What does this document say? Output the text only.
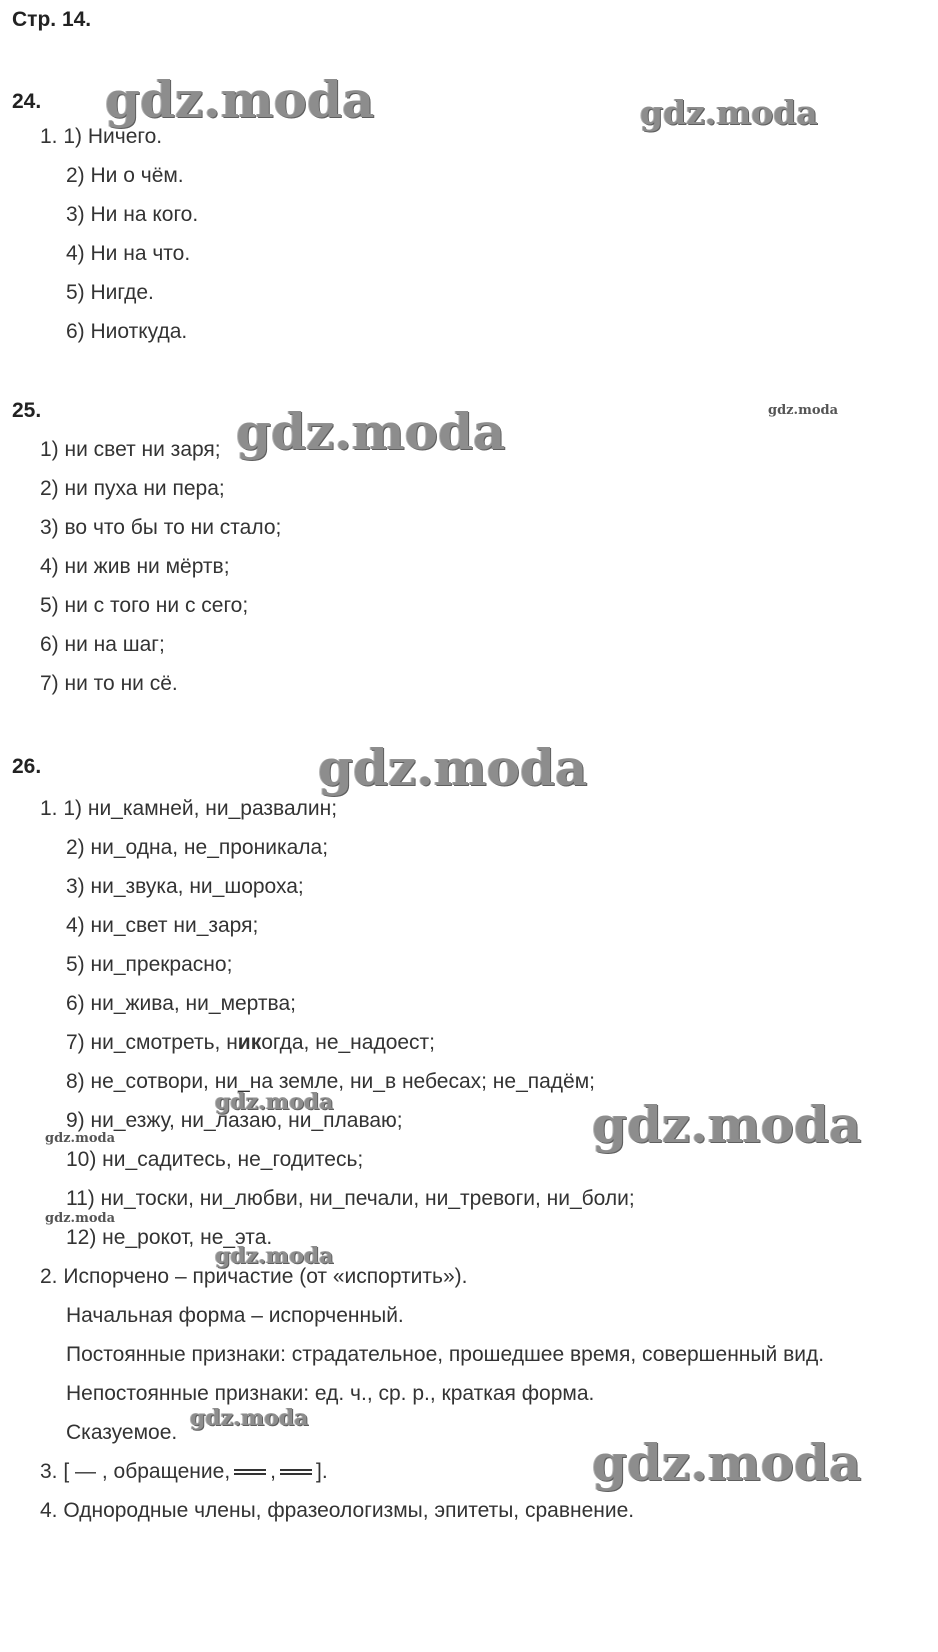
Стр. 14.
24.
1. 1) Ничего.
2) Ни о чём.
3) Ни на кого.
4) Ни на что.
5) Нигде.
6) Ниоткуда.
25.
1) ни свет ни заря;
2) ни пуха ни пера;
3) во что бы то ни стало;
4) ни жив ни мёртв;
5) ни с того ни с сего;
6) ни на шаг;
7) ни то ни сё.
26.
1. 1) ни_камней, ни_развалин;
2) ни_одна, не_проникала;
3) ни_звука, ни_шороха;
4) ни_свет ни_заря;
5) ни_прекрасно;
6) ни_жива, ни_мертва;
7) ни_смотреть, никогда, не_надоест;
8) не_сотвори, ни_на земле, ни_в небесах; не_падём;
9) ни_езжу, ни_лазаю, ни_плаваю;
10) ни_садитесь, не_годитесь;
11) ни_тоски, ни_любви, ни_печали, ни_тревоги, ни_боли;
12) не_рокот, не_эта.
2. Испорчено – причастие (от «испортить»).
Начальная форма – испорченный.
Постоянные признаки: страдательное, прошедшее время, совершенный вид.
Непостоянные признаки: ед. ч., ср. р., краткая форма.
Сказуемое.
3. [ — , обращение, , ].
4. Однородные члены, фразеологизмы, эпитеты, сравнение.
gdz.moda	gdz.moda
gdz.moda	gdz.moda
gdz.moda
gdz.moda	gdz.moda
gdz.moda
gdz.moda
gdz.moda
gdz.moda
gdz.moda
